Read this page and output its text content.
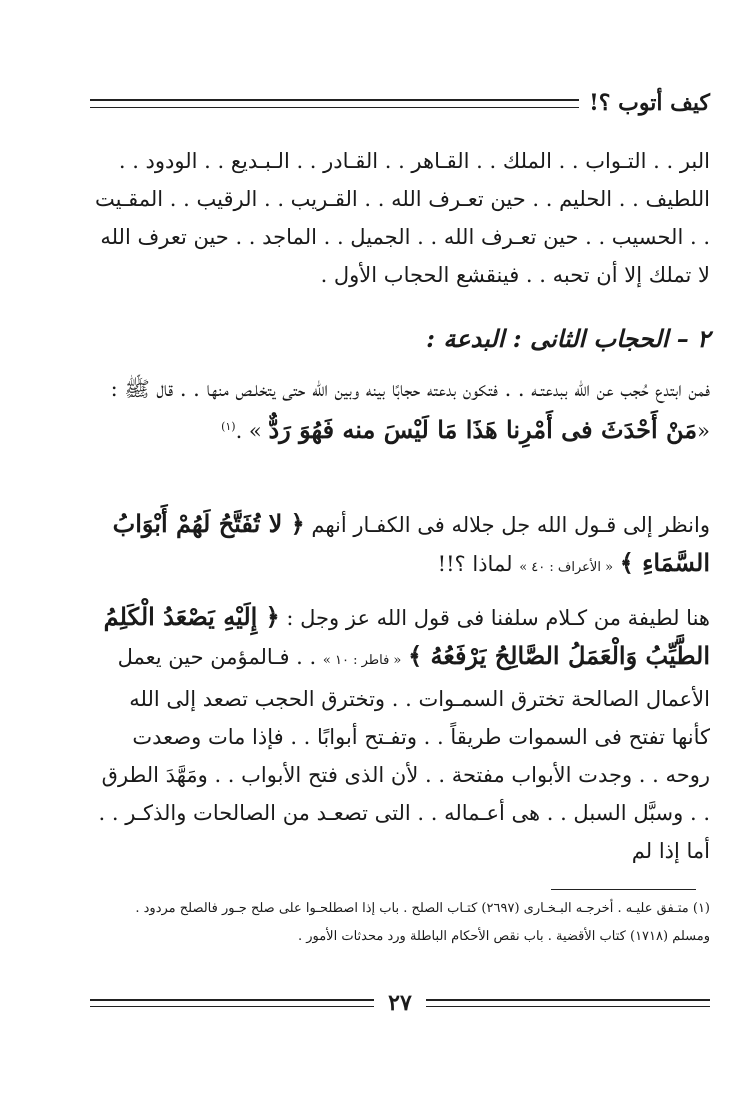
كيف أتوب ؟!

البر . . التـواب . . الملك . . القـاهر . . القـادر . . الـبـديع . . الودود . . اللطيف . . الحليم . . حين تعـرف الله . . القـريب . . الرقيب . . المقـيت . . الحسيب . . حين تعـرف الله . . الجميل . . الماجد . . حين تعرف الله لا تملك إلا أن تحبه . . فينقشع الحجاب الأول .

٢ – الحجاب الثانى : البدعة :

فمن ابتدع حُجب عن الله ببدعتـه . . فتكون بدعته حجابًا بينه وبين الله حتى يتخلـص منها . . قال ﷺ : «مَنْ أَحْدَثَ فى أَمْرِنا هَذَا مَا لَيْسَ منه فَهُوَ رَدٌّ » .$^{(١)}$

وانظر إلى قـول الله جل جلاله فى الكفـار أنهم ﴿ لا تُفَتَّحُ لَهُمْ أَبْوَابُ السَّمَاءِ ﴾ « الأعراف : ٤٠ » لماذا ؟!!

هنا لطيفة من كـلام سلفنا فى قول الله عز وجل : ﴿ إِلَيْهِ يَصْعَدُ الْكَلِمُ الطَّيِّبُ وَالْعَمَلُ الصَّالِحُ يَرْفَعُهُ ﴾ « فاطر : ١٠ » . . فـالمؤمن حين يعمل الأعمال الصالحة تخترق السمـوات . . وتخترق الحجب تصعد إلى الله كأنها تفتح فى السموات طريقاً . . وتفـتح أبوابًا . . فإذا مات وصعدت روحه . . وجدت الأبواب مفتحة . . لأن الذى فتح الأبواب . . ومَهَّدَ الطرق . . وسبَّل السبل . . هى أعـماله . . التى تصعـد من الصالحات والذكـر . . أما إذا لم

(١) متـفق عليـه . أخرجـه البـخـارى (٢٦٩٧) كتـاب الصلح . باب إذا اصطلحـوا على صلح جـور فالصلح مردود .

ومسلم (١٧١٨) كتاب الأقضية . باب نقص الأحكام الباطلة ورد محدثات الأمور .

٢٧
